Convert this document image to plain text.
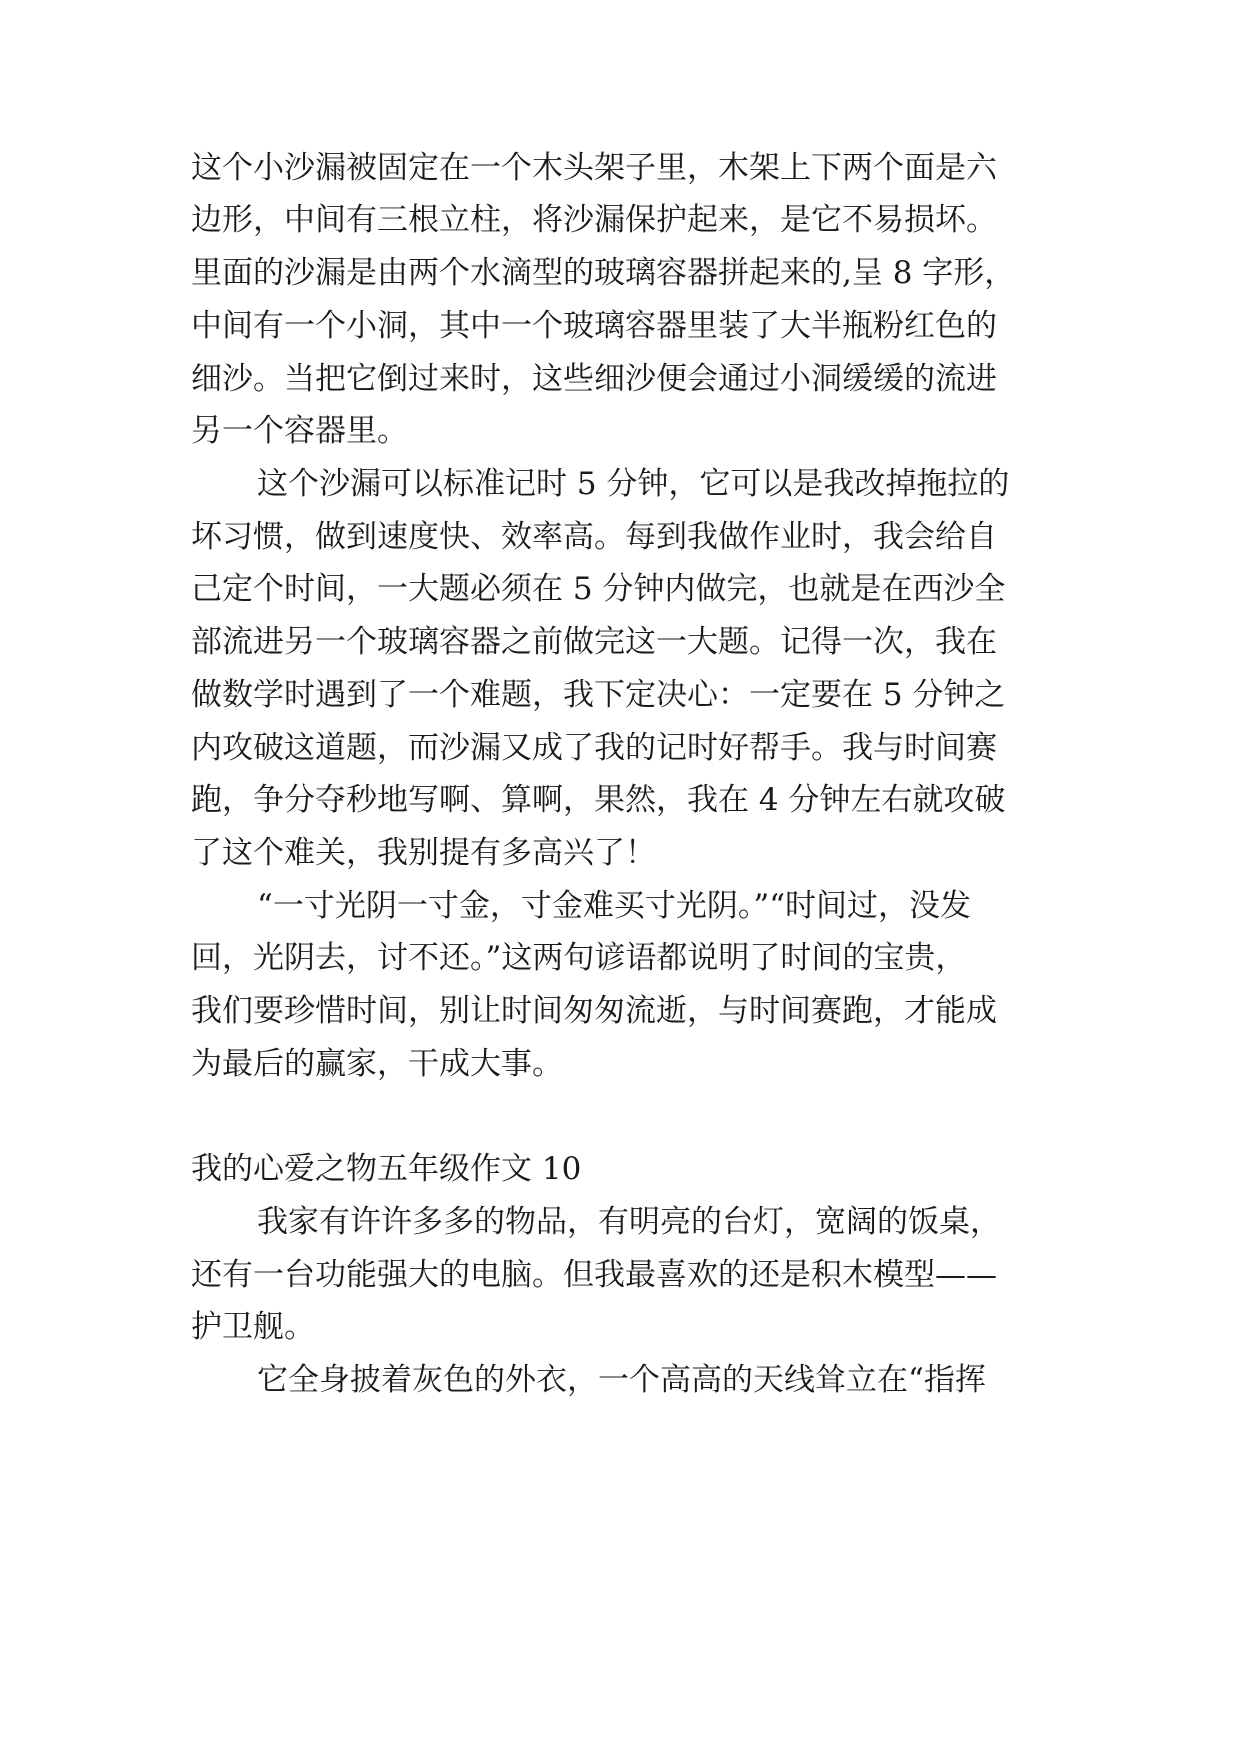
这个小沙漏被固定在一个木头架子里，木架上下两个面是六
边形，中间有三根立柱，将沙漏保护起来，是它不易损坏。
里面的沙漏是由两个水滴型的玻璃容器拼起来的,呈 8 字形，
中间有一个小洞，其中一个玻璃容器里装了大半瓶粉红色的
细沙。当把它倒过来时，这些细沙便会通过小洞缓缓的流进
另一个容器里。
这个沙漏可以标准记时 5 分钟，它可以是我改掉拖拉的
坏习惯，做到速度快、效率高。每到我做作业时，我会给自
己定个时间，一大题必须在 5 分钟内做完，也就是在西沙全
部流进另一个玻璃容器之前做完这一大题。记得一次，我在
做数学时遇到了一个难题，我下定决心：一定要在 5 分钟之
内攻破这道题，而沙漏又成了我的记时好帮手。我与时间赛
跑，争分夺秒地写啊、算啊，果然，我在 4 分钟左右就攻破
了这个难关，我别提有多高兴了！
“一寸光阴一寸金，寸金难买寸光阴。”“时间过，没发
回，光阴去，讨不还。”这两句谚语都说明了时间的宝贵，
我们要珍惜时间，别让时间匆匆流逝，与时间赛跑，才能成
为最后的赢家，干成大事。
我的心爱之物五年级作文 10
我家有许许多多的物品，有明亮的台灯，宽阔的饭桌，
还有一台功能强大的电脑。但我最喜欢的还是积木模型——
护卫舰。
它全身披着灰色的外衣，一个高高的天线耸立在“指挥
